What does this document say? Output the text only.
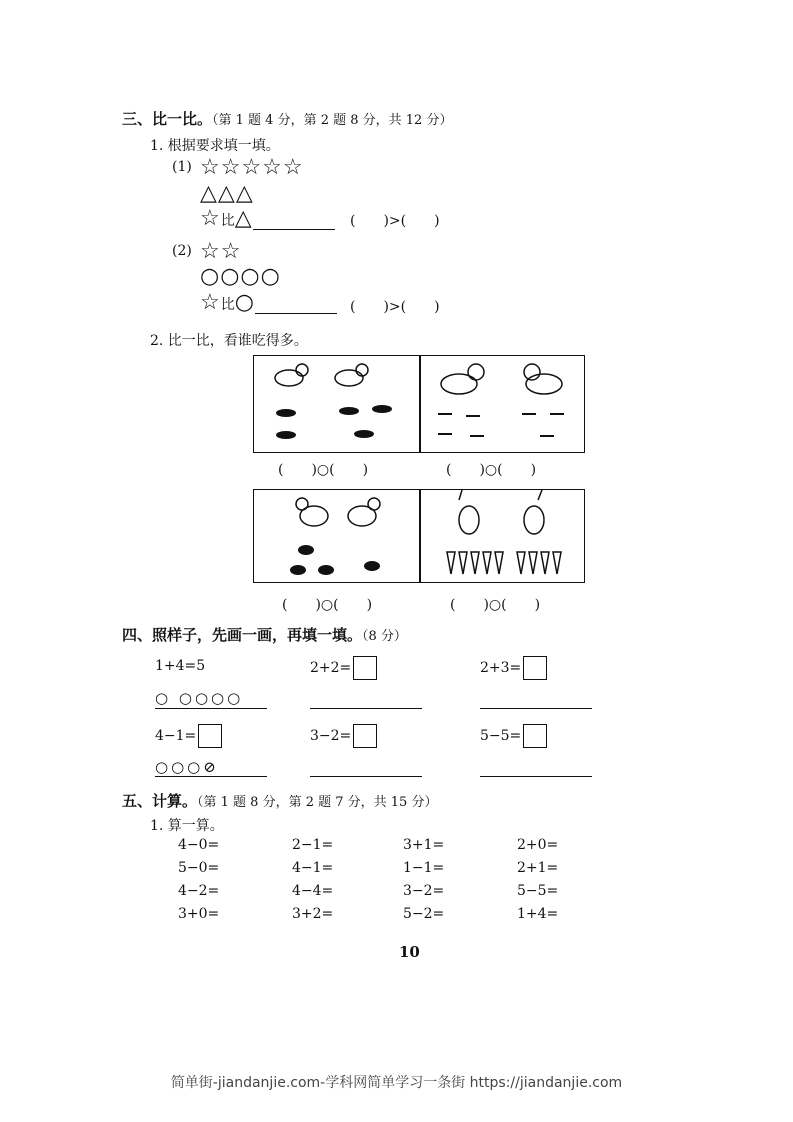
三、比一比。（第 1 题 4 分，第 2 题 8 分，共 12 分）
1. 根据要求填一填。
(1) ☆☆☆☆☆
△△△
☆比△	(　　)>(　　)
(2) ☆☆
○○○○
☆比○	(　　)>(　　)
2. 比一比，看谁吃得多。
(　　)○(　　)	(　　)○(　　)
(　　)○(　　)	(　　)○(　　)
四、照样子，先画一画，再填一填。（8 分）
1+4=5	2+2=	2+3=
○ ○○○○
4−1=	3−2=	5−5=
○○○⊘
五、计算。（第 1 题 8 分，第 2 题 7 分，共 15 分）
1. 算一算。
4−0=	2−1=	3+1=	2+0=
5−0=	4−1=	1−1=	2+1=
4−2=	4−4=	3−2=	5−5=
3+0=	3+2=	5−2=	1+4=
10
简单街-jiandanjie.com-学科网简单学习一条街 https://jiandanjie.com
